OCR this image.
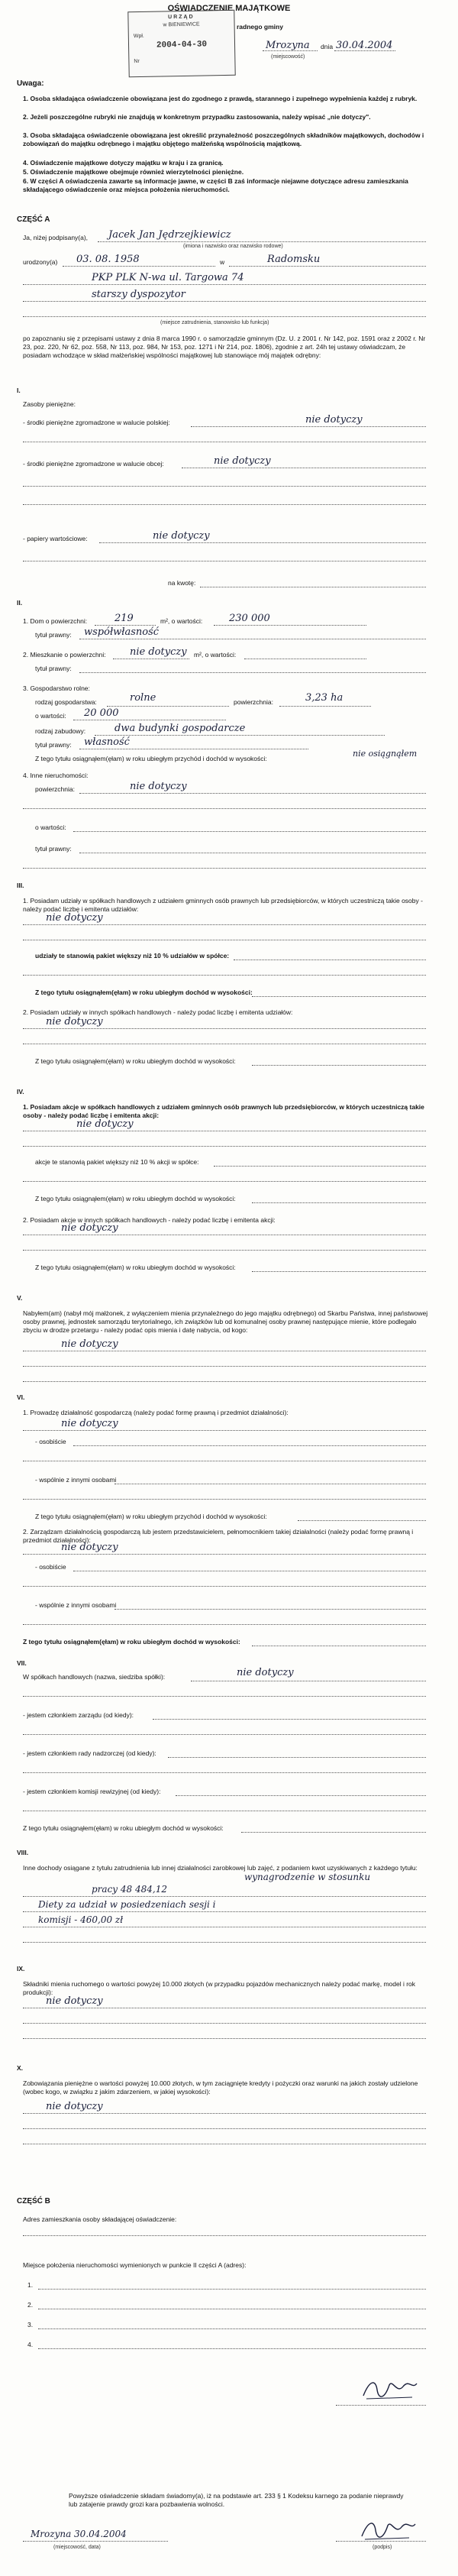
OŚWIADCZENIE MAJĄTKOWE
URZĄD
w BIENIEWICE
Wpł.
2004-04-30
Nr
radnego gminy
Mrozyna dnia 30.04.2004
(miejscowość)
Uwaga:
1. Osoba składająca oświadczenie obowiązana jest do zgodnego z prawdą, starannego i zupełnego wypełnienia każdej z rubryk.
2. Jeżeli poszczególne rubryki nie znajdują w konkretnym przypadku zastosowania, należy wpisać „nie dotyczy".
3. Osoba składająca oświadczenie obowiązana jest określić przynależność poszczególnych składników majątkowych, dochodów i zobowiązań do majątku odrębnego i majątku objętego małżeńską wspólnością majątkową.
4. Oświadczenie majątkowe dotyczy majątku w kraju i za granicą.
5. Oświadczenie majątkowe obejmuje również wierzytelności pieniężne.
6. W części A oświadczenia zawarte są informacje jawne, w części B zaś informacje niejawne dotyczące adresu zamieszkania składającego oświadczenie oraz miejsca położenia nieruchomości.
CZĘŚĆ A
Ja, niżej podpisany(a), Jacek Jan Jędrzejkiewicz
(imiona i nazwisko oraz nazwisko rodowe)
urodzony(a) 03. 08. 1958	w	Radomsku
PKP PLK N-wa ul. Targowa 74
starszy dyspozytor
(miejsce zatrudnienia, stanowisko lub funkcja)
po zapoznaniu się z przepisami ustawy z dnia 8 marca 1990 r. o samorządzie gminnym (Dz. U. z 2001 r. Nr 142, poz. 1591 oraz z 2002 r. Nr 23, poz. 220, Nr 62, poz. 558, Nr 113, poz. 984, Nr 153, poz. 1271 i Nr 214, poz. 1806), zgodnie z art. 24h tej ustawy oświadczam, że posiadam wchodzące w skład małżeńskiej wspólności majątkowej lub stanowiące mój majątek odrębny:
I.
Zasoby pieniężne:
- środki pieniężne zgromadzone w walucie polskiej:	nie dotyczy
- środki pieniężne zgromadzone w walucie obcej:	nie dotyczy
- papiery wartościowe:	nie dotyczy
na kwotę:
II.
1. Dom o powierzchni:	219	m², o wartości:	230 000
tytuł prawny: współwłasność
2. Mieszkanie o powierzchni: nie dotyczy m², o wartości:
tytuł prawny:
3. Gospodarstwo rolne:
rodzaj gospodarstwa:	rolne	powierzchnia:	3,23 ha
o wartości: 20 000
rodzaj zabudowy:	dwa budynki gospodarcze
tytuł prawny: własność
Z tego tytułu osiągnąłem(ęłam) w roku ubiegłym przychód i dochód w wysokości:	nie osiągnąłem
4. Inne nieruchomości:
powierzchnia:	nie dotyczy
o wartości:
tytuł prawny:
III.
1. Posiadam udziały w spółkach handlowych z udziałem gminnych osób prawnych lub przedsiębiorców, w których uczestniczą takie osoby - należy podać liczbę i emitenta udziałów:
nie dotyczy
udziały te stanowią pakiet większy niż 10 % udziałów w spółce:
Z tego tytułu osiągnąłem(ęłam) w roku ubiegłym dochód w wysokości:
2. Posiadam udziały w innych spółkach handlowych - należy podać liczbę i emitenta udziałów:
nie dotyczy
Z tego tytułu osiągnąłem(ęłam) w roku ubiegłym dochód w wysokości:
IV.
1. Posiadam akcje w spółkach handlowych z udziałem gminnych osób prawnych lub przedsiębiorców, w których uczestniczą takie osoby - należy podać liczbę i emitenta akcji:
nie dotyczy
akcje te stanowią pakiet większy niż 10 % akcji w spółce:
Z tego tytułu osiągnąłem(ęłam) w roku ubiegłym dochód w wysokości:
2. Posiadam akcje w innych spółkach handlowych - należy podać liczbę i emitenta akcji:
nie dotyczy
Z tego tytułu osiągnąłem(ęłam) w roku ubiegłym dochód w wysokości:
V.
Nabyłem(am) (nabył mój małżonek, z wyłączeniem mienia przynależnego do jego majątku odrębnego) od Skarbu Państwa, innej państwowej osoby prawnej, jednostek samorządu terytorialnego, ich związków lub od komunalnej osoby prawnej następujące mienie, które podlegało zbyciu w drodze przetargu - należy podać opis mienia i datę nabycia, od kogo:
nie dotyczy
VI.
1. Prowadzę działalność gospodarczą (należy podać formę prawną i przedmiot działalności):
nie dotyczy
- osobiście
- wspólnie z innymi osobami
Z tego tytułu osiągnąłem(ęłam) w roku ubiegłym przychód i dochód w wysokości:
2. Zarządzam działalnością gospodarczą lub jestem przedstawicielem, pełnomocnikiem takiej działalności (należy podać formę prawną i przedmiot działalności):
nie dotyczy
- osobiście
- wspólnie z innymi osobami
Z tego tytułu osiągnąłem(ęłam) w roku ubiegłym dochód w wysokości:
VII.
W spółkach handlowych (nazwa, siedziba spółki):	nie dotyczy
- jestem członkiem zarządu (od kiedy):
- jestem członkiem rady nadzorczej (od kiedy):
- jestem członkiem komisji rewizyjnej (od kiedy):
Z tego tytułu osiągnąłem(ęłam) w roku ubiegłym dochód w wysokości:
VIII.
Inne dochody osiągane z tytułu zatrudnienia lub innej działalności zarobkowej lub zajęć, z podaniem kwot uzyskiwanych z każdego tytułu:
wynagrodzenie w stosunku
pracy 48 484,12
Diety za udział w posiedzeniach sesji i
komisji - 460,00 zł
IX.
Składniki mienia ruchomego o wartości powyżej 10.000 złotych (w przypadku pojazdów mechanicznych należy podać markę, model i rok produkcji):
nie dotyczy
X.
Zobowiązania pieniężne o wartości powyżej 10.000 złotych, w tym zaciągnięte kredyty i pożyczki oraz warunki na jakich zostały udzielone (wobec kogo, w związku z jakim zdarzeniem, w jakiej wysokości):
nie dotyczy
CZĘŚĆ B
Adres zamieszkania osoby składającej oświadczenie:
Miejsce położenia nieruchomości wymienionych w punkcie II części A (adres):
1.
2.
3.
4.
Powyższe oświadczenie składam świadomy(a), iż na podstawie art. 233 § 1 Kodeksu karnego za podanie nieprawdy lub zatajenie prawdy grozi kara pozbawienia wolności.
Mrozyna 30.04.2004
(miejscowość, data)	(podpis)
